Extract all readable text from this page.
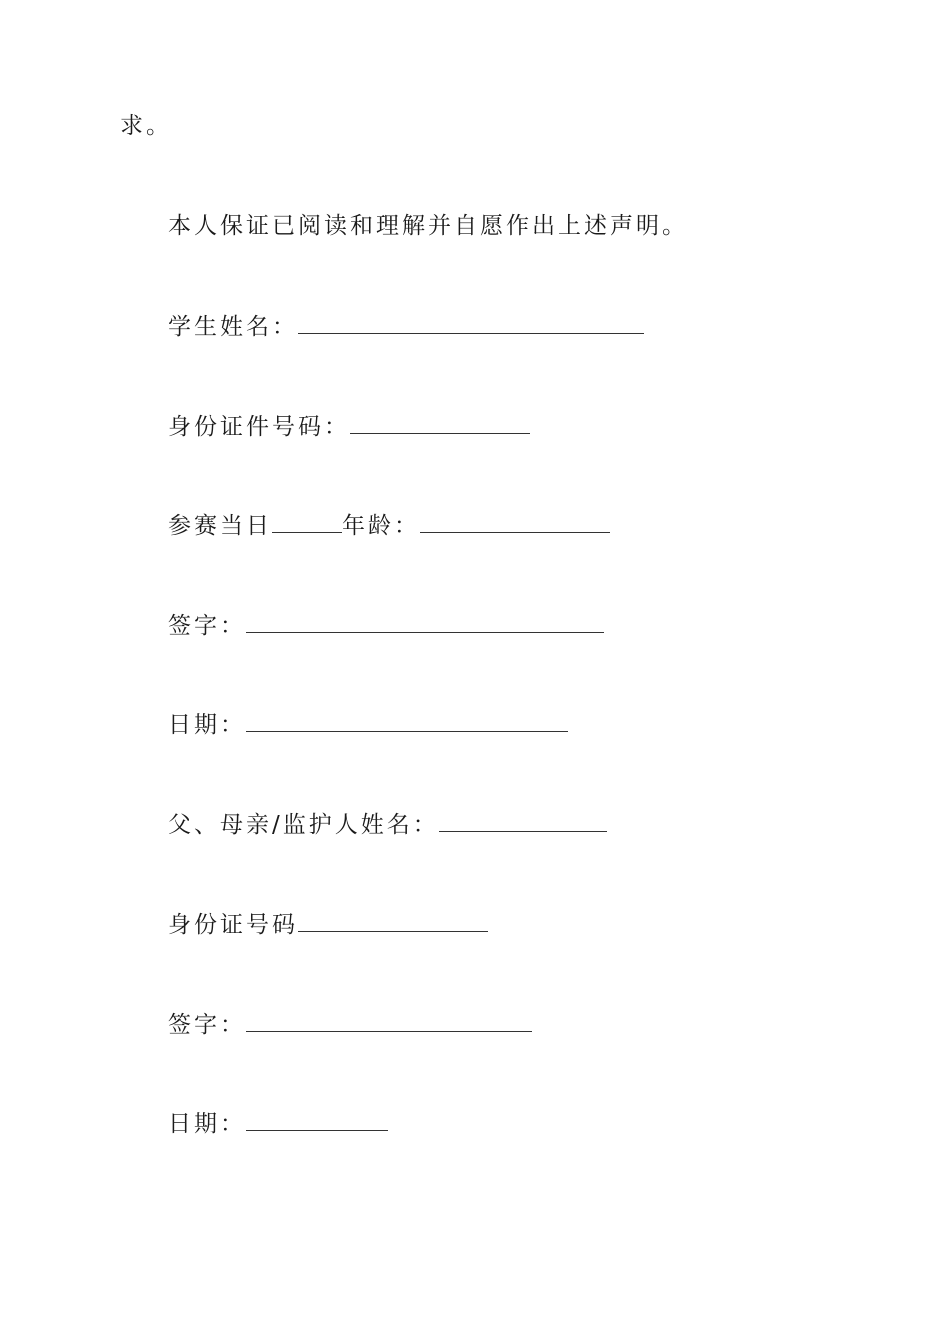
求。
本人保证已阅读和理解并自愿作出上述声明。
学生姓名：
身份证件号码：
参赛当日	年龄：
签字：
日期：
父、母亲/监护人姓名：
身份证号码
签字：
日期：
